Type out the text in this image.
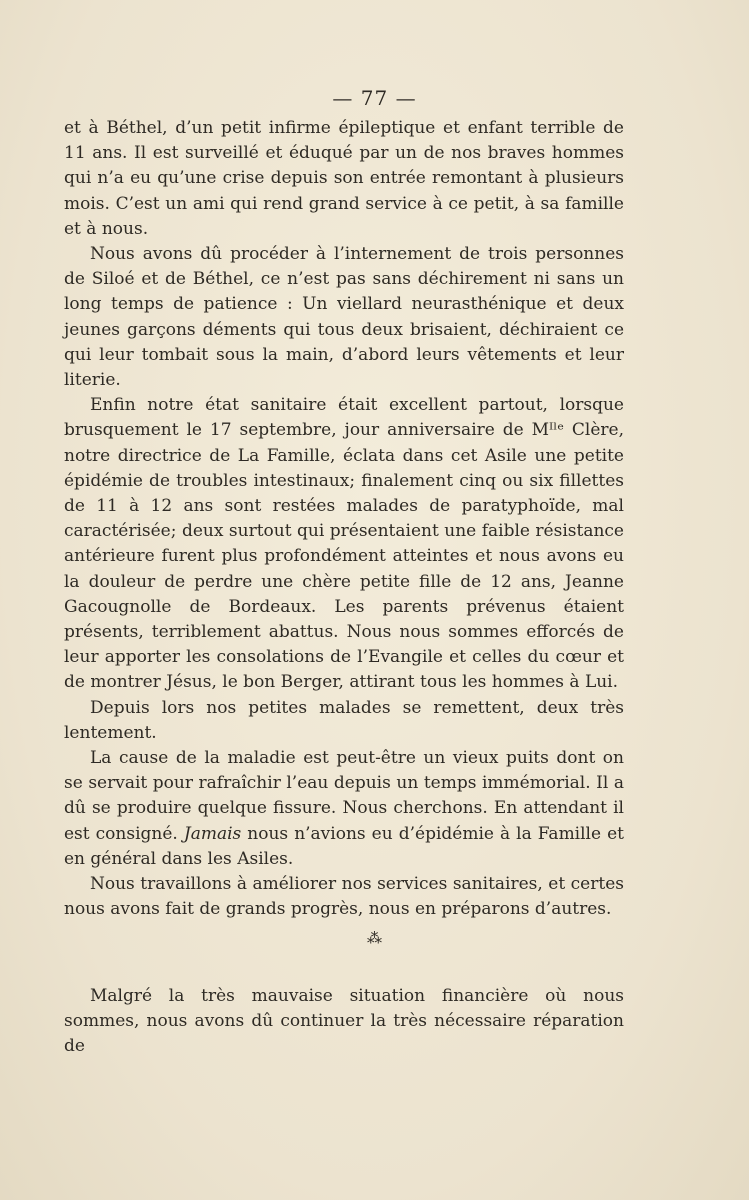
— 77 —

et à Béthel, d’un petit infirme épileptique et enfant terrible de 11 ans. Il est surveillé et éduqué par un de nos braves hommes qui n’a eu qu’une crise depuis son entrée remontant à plusieurs mois. C’est un ami qui rend grand service à ce petit, à sa famille et à nous.

Nous avons dû procéder à l’internement de trois personnes de Siloé et de Béthel, ce n’est pas sans déchirement ni sans un long temps de patience : Un viellard neurasthénique et deux jeunes garçons déments qui tous deux brisaient, déchiraient ce qui leur tombait sous la main, d’abord leurs vêtements et leur literie.

Enfin notre état sanitaire était excellent partout, lorsque brusquement le 17 septembre, jour anniversaire de Mᴵˡᵉ Clère, notre directrice de La Famille, éclata dans cet Asile une petite épidémie de troubles intestinaux; finalement cinq ou six fillettes de 11 à 12 ans sont restées malades de paratyphoïde, mal caractérisée; deux surtout qui présentaient une faible résistance antérieure furent plus profondément atteintes et nous avons eu la douleur de perdre une chère petite fille de 12 ans, Jeanne Gacougnolle de Bordeaux. Les parents prévenus étaient présents, terriblement abattus. Nous nous sommes efforcés de leur apporter les consolations de l’Evangile et celles du cœur et de montrer Jésus, le bon Berger, attirant tous les hommes à Lui.

Depuis lors nos petites malades se remettent, deux très lentement.

La cause de la maladie est peut-être un vieux puits dont on se servait pour rafraîchir l’eau depuis un temps immémorial. Il a dû se produire quelque fissure. Nous cherchons. En attendant il est consigné. Jamais nous n’avions eu d’épidémie à la Famille et en général dans les Asiles.

Nous travaillons à améliorer nos services sanitaires, et certes nous avons fait de grands progrès, nous en préparons d’autres.

⁂

Malgré la très mauvaise situation financière où nous sommes, nous avons dû continuer la très nécessaire réparation de
